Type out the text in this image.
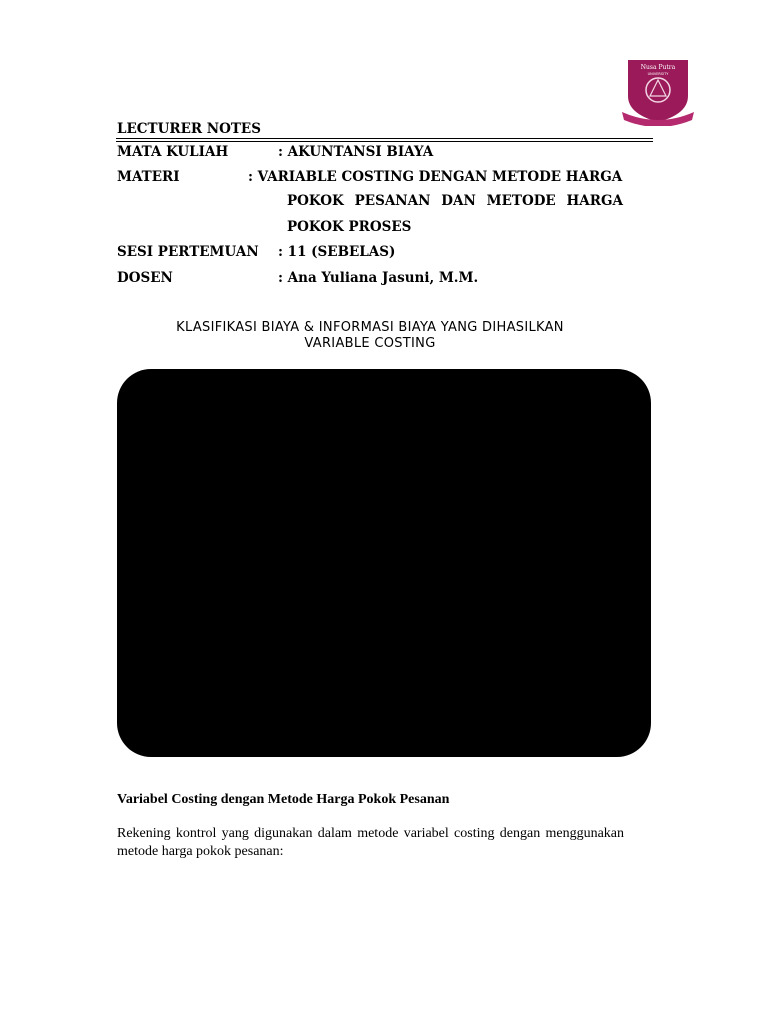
Nusa Putra
UNIVERSITY
LECTURER NOTES
MATA KULIAH	: AKUNTANSI BIAYA
MATERI	: VARIABLE COSTING DENGAN METODE HARGA
POKOK PESANAN DAN METODE HARGA
POKOK PROSES
SESI PERTEMUAN : 11 (SEBELAS)
DOSEN	: Ana Yuliana Jasuni, M.M.
KLASIFIKASI BIAYA & INFORMASI BIAYA YANG DIHASILKAN
VARIABLE COSTING
Variabel Costing dengan Metode Harga Pokok Pesanan
Rekening kontrol yang digunakan dalam metode variabel costing dengan menggunakan metode harga pokok pesanan:
